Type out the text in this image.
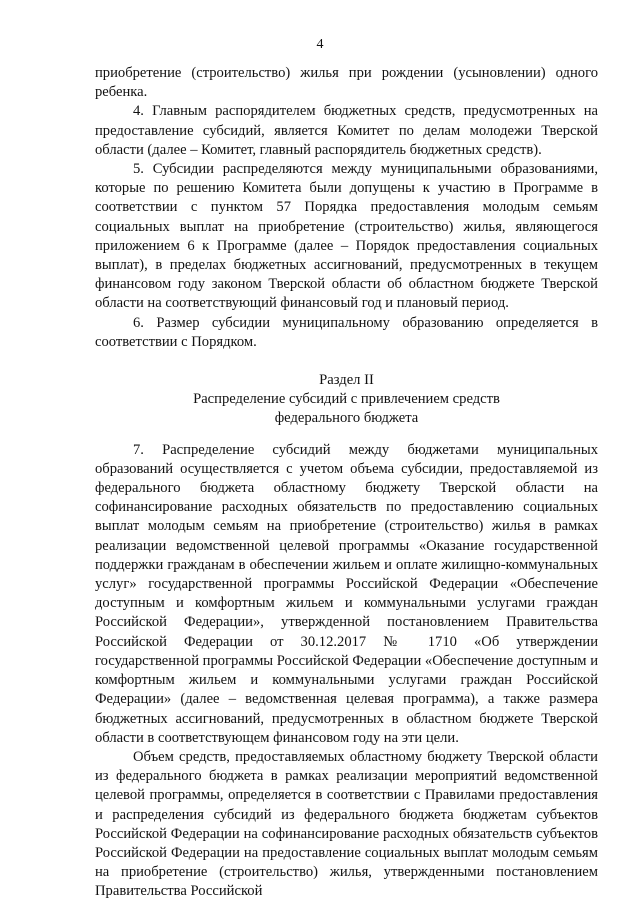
4

приобретение (строительство) жилья при рождении (усыновлении) одного ребенка.

4. Главным распорядителем бюджетных средств, предусмотренных на предоставление субсидий, является Комитет по делам молодежи Тверской области (далее – Комитет, главный распорядитель бюджетных средств).

5. Субсидии распределяются между муниципальными образованиями, которые по решению Комитета были допущены к участию в Программе в соответствии с пунктом 57 Порядка предоставления молодым семьям социальных выплат на приобретение (строительство) жилья, являющегося приложением 6 к Программе (далее – Порядок предоставления социальных выплат), в пределах бюджетных ассигнований, предусмотренных в текущем финансовом году законом Тверской области об областном бюджете Тверской области на соответствующий финансовый год и плановый период.

6. Размер субсидии муниципальному образованию определяется в соответствии с Порядком.

Раздел II

Распределение субсидий с привлечением средств

федерального бюджета

7. Распределение субсидий между бюджетами муниципальных образований осуществляется с учетом объема субсидии, предоставляемой из федерального бюджета областному бюджету Тверской области на софинансирование расходных обязательств по предоставлению социальных выплат молодым семьям на приобретение (строительство) жилья в рамках реализации ведомственной целевой программы «Оказание государственной поддержки гражданам в обеспечении жильем и оплате жилищно-коммунальных услуг» государственной программы Российской Федерации «Обеспечение доступным и комфортным жильем и коммунальными услугами граждан Российской Федерации», утвержденной постановлением Правительства Российской Федерации от 30.12.2017 № 1710 «Об утверждении государственной программы Российской Федерации «Обеспечение доступным и комфортным жильем и коммунальными услугами граждан Российской Федерации» (далее – ведомственная целевая программа), а также размера бюджетных ассигнований, предусмотренных в областном бюджете Тверской области в соответствующем финансовом году на эти цели.

Объем средств, предоставляемых областному бюджету Тверской области из федерального бюджета в рамках реализации мероприятий ведомственной целевой программы, определяется в соответствии с Правилами предоставления и распределения субсидий из федерального бюджета бюджетам субъектов Российской Федерации на софинансирование расходных обязательств субъектов Российской Федерации на предоставление социальных выплат молодым семьям на приобретение (строительство) жилья, утвержденными постановлением Правительства Российской
